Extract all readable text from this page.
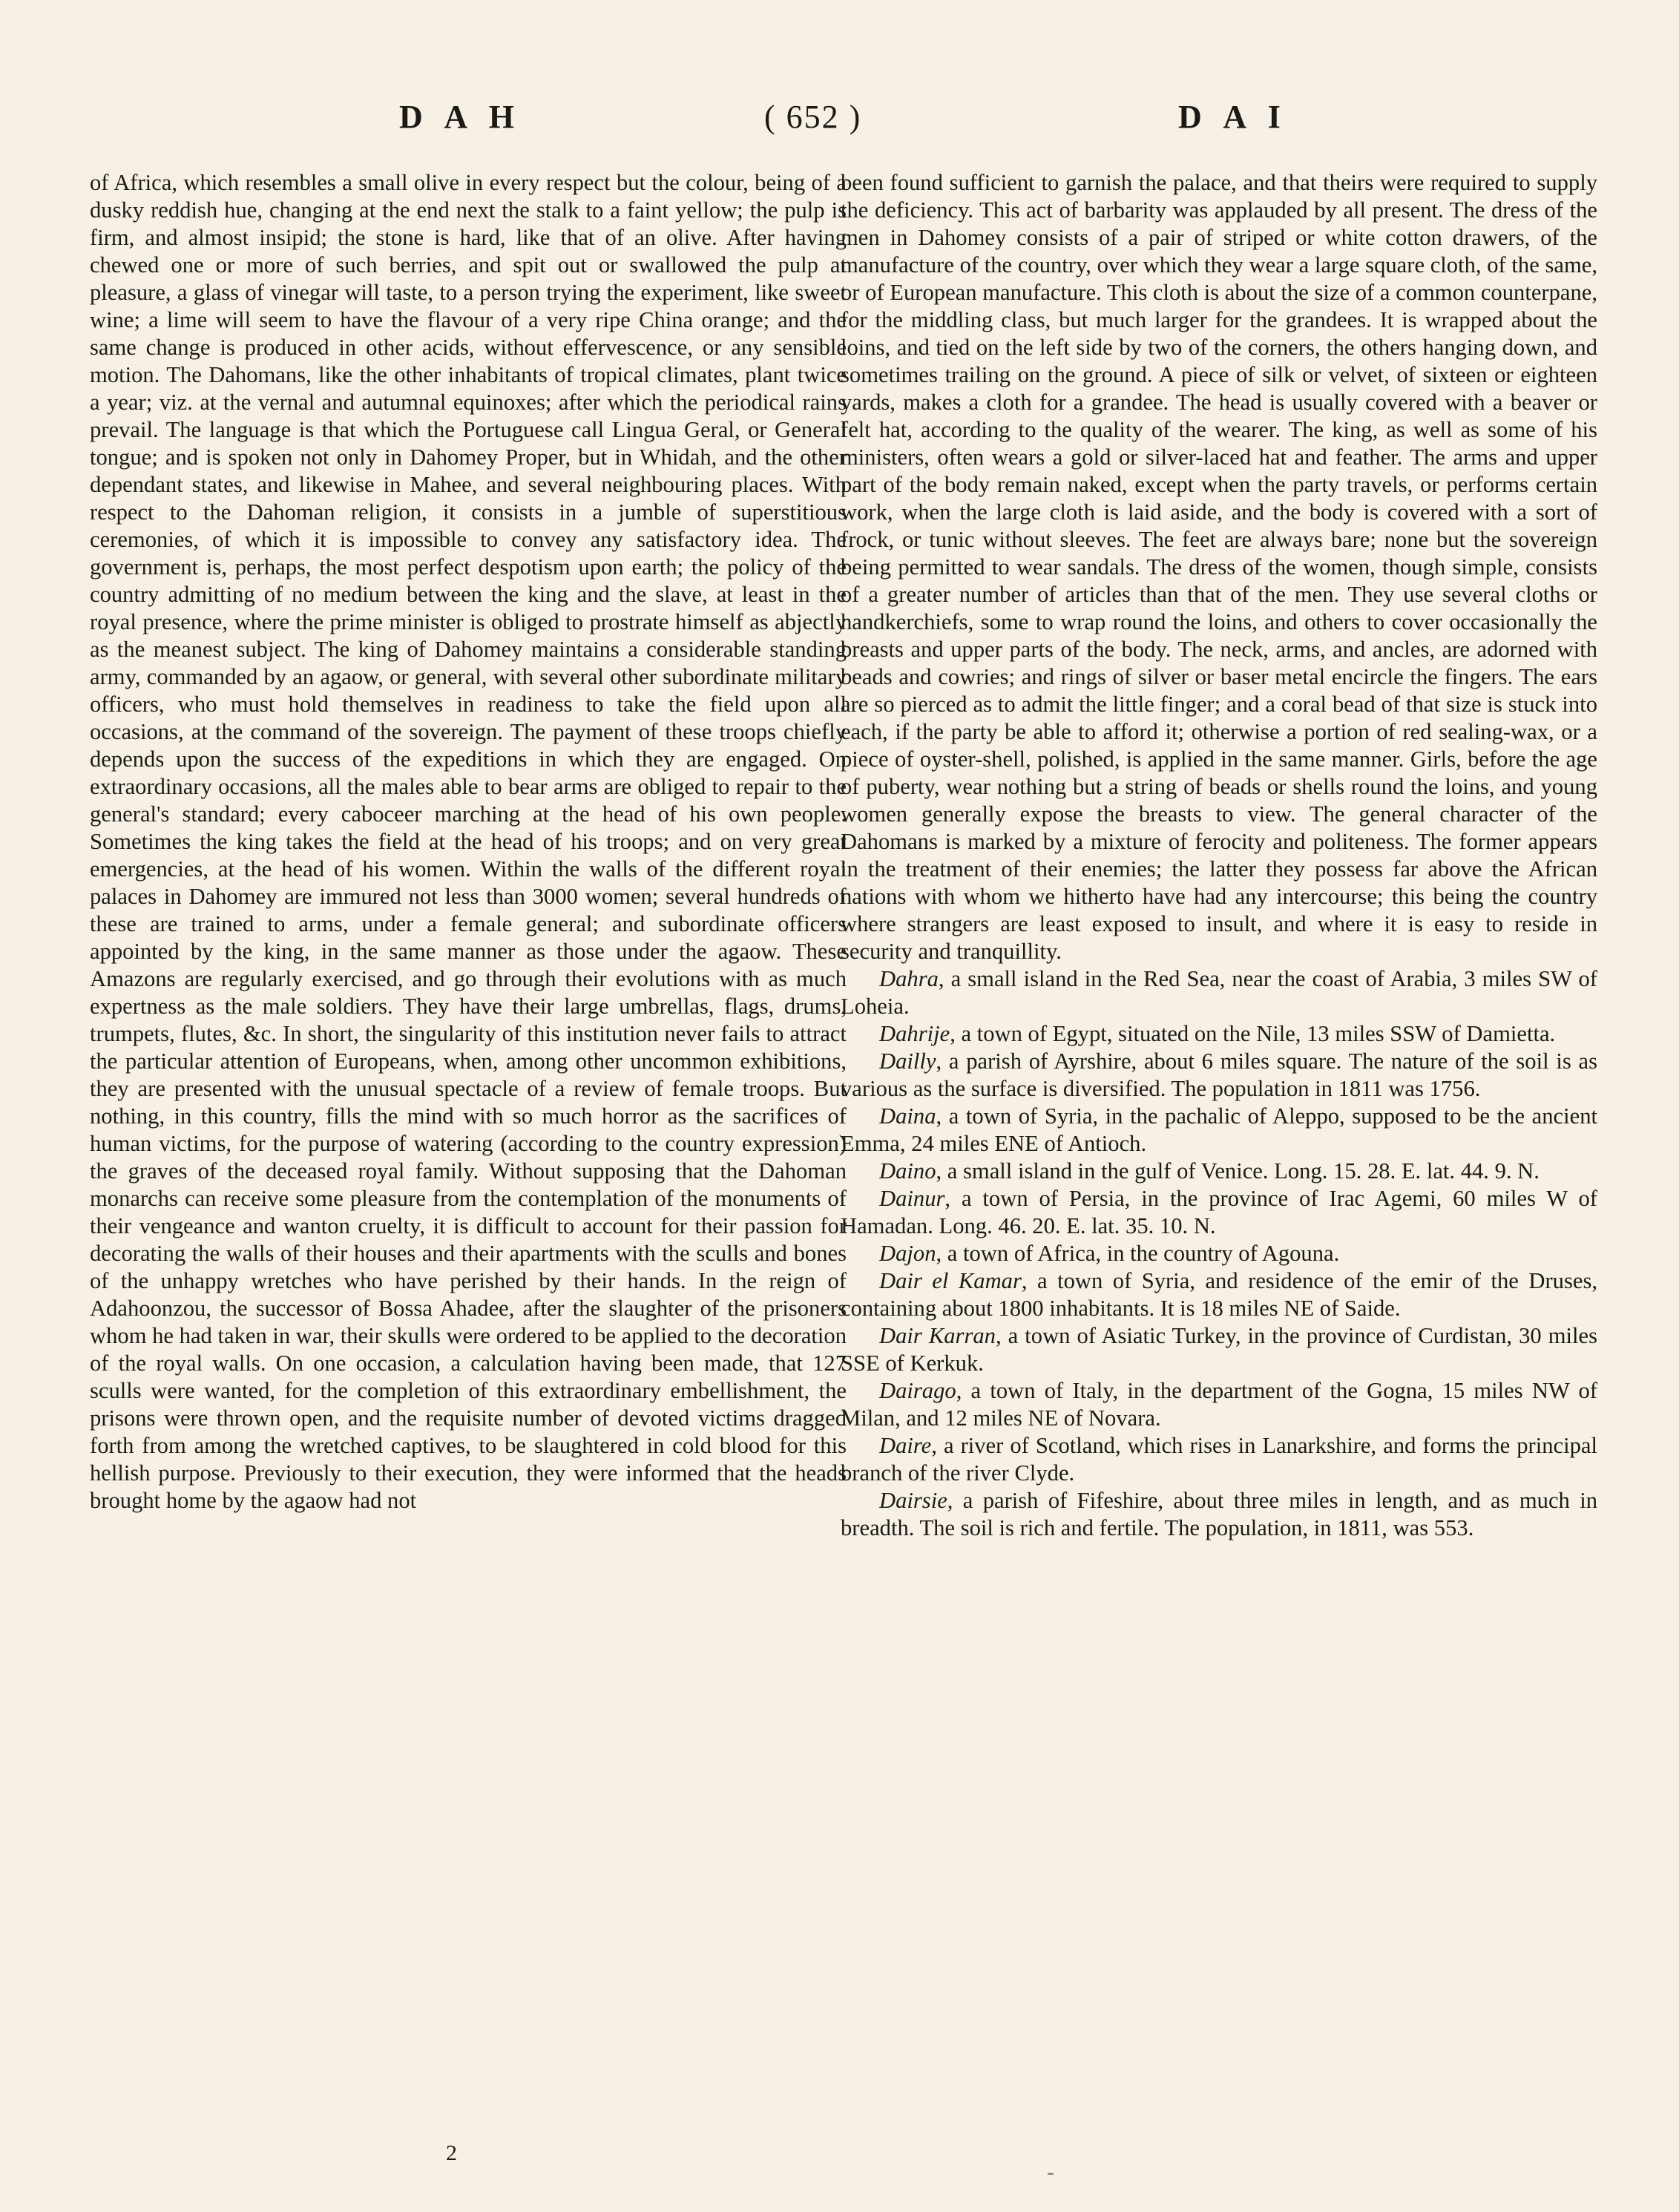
D A H	( 652 )	D A I

of Africa, which resembles a small olive in every respect but the colour, being of a dusky reddish hue, changing at the end next the stalk to a faint yellow; the pulp is firm, and almost insipid; the stone is hard, like that of an olive. After having chewed one or more of such berries, and spit out or swallowed the pulp at pleasure, a glass of vinegar will taste, to a person trying the experiment, like sweet wine; a lime will seem to have the flavour of a very ripe China orange; and the same change is produced in other acids, without effervescence, or any sensible motion. The Dahomans, like the other inhabitants of tropical climates, plant twice a year; viz. at the vernal and autumnal equinoxes; after which the periodical rains prevail. The language is that which the Portuguese call Lingua Geral, or General tongue; and is spoken not only in Dahomey Proper, but in Whidah, and the other dependant states, and likewise in Mahee, and several neighbouring places. With respect to the Dahoman religion, it consists in a jumble of superstitious ceremonies, of which it is impossible to convey any satisfactory idea. The government is, perhaps, the most perfect despotism upon earth; the policy of the country admitting of no medium between the king and the slave, at least in the royal presence, where the prime minister is obliged to prostrate himself as abjectly as the meanest subject. The king of Dahomey maintains a considerable standing army, commanded by an agaow, or general, with several other subordinate military officers, who must hold themselves in readiness to take the field upon all occasions, at the command of the sovereign. The payment of these troops chiefly depends upon the success of the expeditions in which they are engaged. On extraordinary occasions, all the males able to bear arms are obliged to repair to the general's standard; every caboceer marching at the head of his own people. Sometimes the king takes the field at the head of his troops; and on very great emergencies, at the head of his women. Within the walls of the different royal palaces in Dahomey are immured not less than 3000 women; several hundreds of these are trained to arms, under a female general; and subordinate officers appointed by the king, in the same manner as those under the agaow. These Amazons are regularly exercised, and go through their evolutions with as much expertness as the male soldiers. They have their large umbrellas, flags, drums, trumpets, flutes, &c. In short, the singularity of this institution never fails to attract the particular attention of Europeans, when, among other uncommon exhibitions, they are presented with the unusual spectacle of a review of female troops. But nothing, in this country, fills the mind with so much horror as the sacrifices of human victims, for the purpose of watering (according to the country expression) the graves of the deceased royal family. Without supposing that the Dahoman monarchs can receive some pleasure from the contemplation of the monuments of their vengeance and wanton cruelty, it is difficult to account for their passion for decorating the walls of their houses and their apartments with the sculls and bones of the unhappy wretches who have perished by their hands. In the reign of Adahoonzou, the successor of Bossa Ahadee, after the slaughter of the prisoners whom he had taken in war, their skulls were ordered to be applied to the decoration of the royal walls. On one occasion, a calculation having been made, that 127 sculls were wanted, for the completion of this extraordinary embellishment, the prisons were thrown open, and the requisite number of devoted victims dragged forth from among the wretched captives, to be slaughtered in cold blood for this hellish purpose. Previously to their execution, they were informed that the heads brought home by the agaow had not

been found sufficient to garnish the palace, and that theirs were required to supply the deficiency. This act of barbarity was applauded by all present. The dress of the men in Dahomey consists of a pair of striped or white cotton drawers, of the manufacture of the country, over which they wear a large square cloth, of the same, or of European manufacture. This cloth is about the size of a common counterpane, for the middling class, but much larger for the grandees. It is wrapped about the loins, and tied on the left side by two of the corners, the others hanging down, and sometimes trailing on the ground. A piece of silk or velvet, of sixteen or eighteen yards, makes a cloth for a grandee. The head is usually covered with a beaver or felt hat, according to the quality of the wearer. The king, as well as some of his ministers, often wears a gold or silver-laced hat and feather. The arms and upper part of the body remain naked, except when the party travels, or performs certain work, when the large cloth is laid aside, and the body is covered with a sort of frock, or tunic without sleeves. The feet are always bare; none but the sovereign being permitted to wear sandals. The dress of the women, though simple, consists of a greater number of articles than that of the men. They use several cloths or handkerchiefs, some to wrap round the loins, and others to cover occasionally the breasts and upper parts of the body. The neck, arms, and ancles, are adorned with beads and cowries; and rings of silver or baser metal encircle the fingers. The ears are so pierced as to admit the little finger; and a coral bead of that size is stuck into each, if the party be able to afford it; otherwise a portion of red sealing-wax, or a piece of oyster-shell, polished, is applied in the same manner. Girls, before the age of puberty, wear nothing but a string of beads or shells round the loins, and young women generally expose the breasts to view. The general character of the Dahomans is marked by a mixture of ferocity and politeness. The former appears in the treatment of their enemies; the latter they possess far above the African nations with whom we hitherto have had any intercourse; this being the country where strangers are least exposed to insult, and where it is easy to reside in security and tranquillity.

Dahra, a small island in the Red Sea, near the coast of Arabia, 3 miles SW of Loheia.

Dahrije, a town of Egypt, situated on the Nile, 13 miles SSW of Damietta.

Dailly, a parish of Ayrshire, about 6 miles square. The nature of the soil is as various as the surface is diversified. The population in 1811 was 1756.

Daina, a town of Syria, in the pachalic of Aleppo, supposed to be the ancient Emma, 24 miles ENE of Antioch.

Daino, a small island in the gulf of Venice. Long. 15. 28. E. lat. 44. 9. N.

Dainur, a town of Persia, in the province of Irac Agemi, 60 miles W of Hamadan. Long. 46. 20. E. lat. 35. 10. N.

Dajon, a town of Africa, in the country of Agouna.

Dair el Kamar, a town of Syria, and residence of the emir of the Druses, containing about 1800 inhabitants. It is 18 miles NE of Saide.

Dair Karran, a town of Asiatic Turkey, in the province of Curdistan, 30 miles SSE of Kerkuk.

Dairago, a town of Italy, in the department of the Gogna, 15 miles NW of Milan, and 12 miles NE of Novara.

Daire, a river of Scotland, which rises in Lanarkshire, and forms the principal branch of the river Clyde.

Dairsie, a parish of Fifeshire, about three miles in length, and as much in breadth. The soil is rich and fertile. The population, in 1811, was 553.

2
